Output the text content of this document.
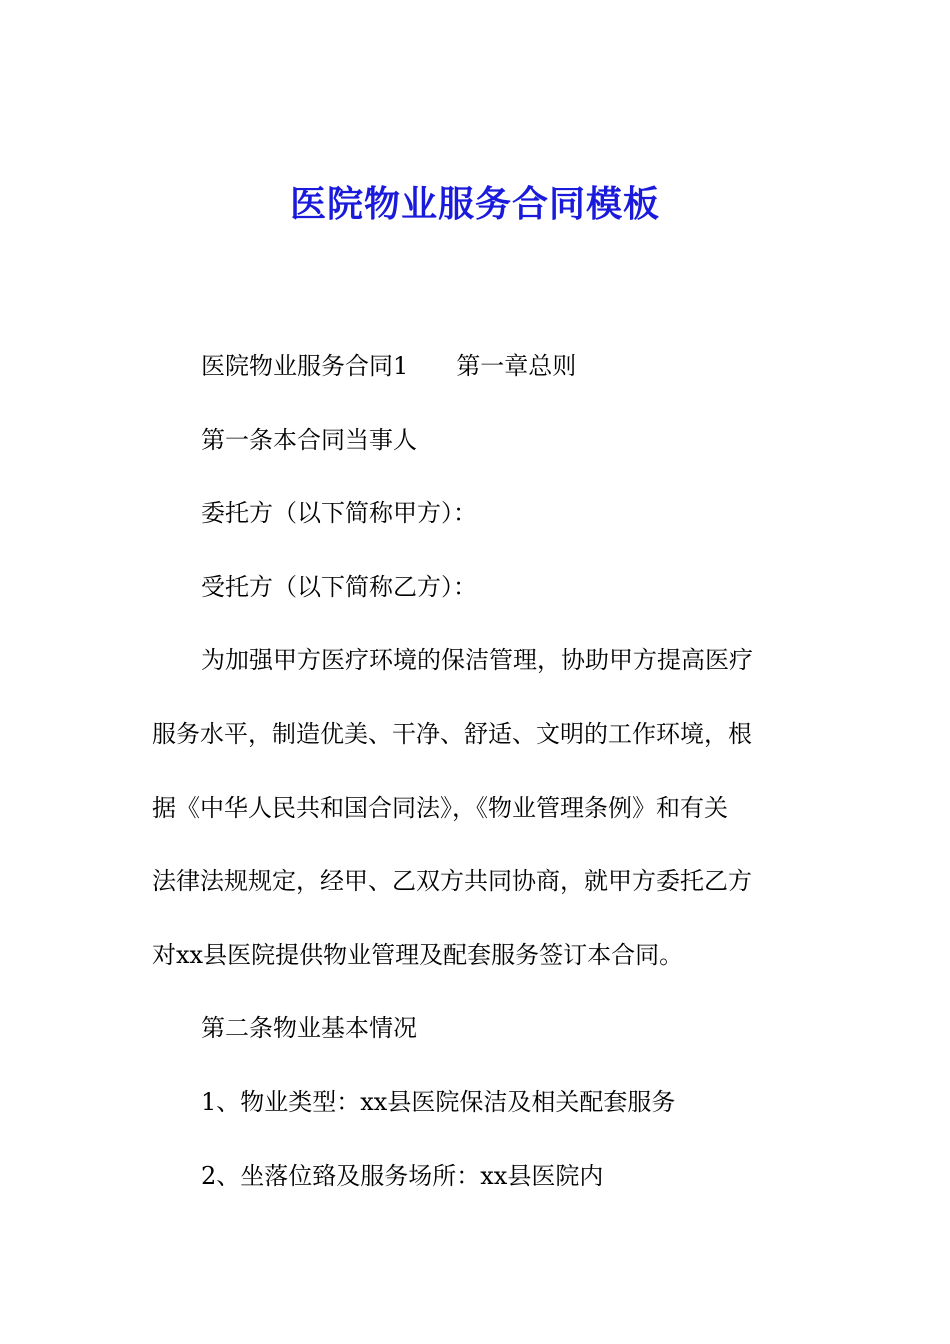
医院物业服务合同模板
医院物业服务合同1 第一章总则
第一条本合同当事人
委托方（以下简称甲方）：
受托方（以下简称乙方）：
为加强甲方医疗环境的保洁管理，协助甲方提高医疗
服务水平，制造优美、干净、舒适、文明的工作环境，根
据《中华人民共和国合同法》，《物业管理条例》和有关
法律法规规定，经甲、乙双方共同协商，就甲方委托乙方
对xx县医院提供物业管理及配套服务签订本合同。
第二条物业基本情况
1、物业类型：xx县医院保洁及相关配套服务
2、坐落位臵及服务场所：xx县医院内
